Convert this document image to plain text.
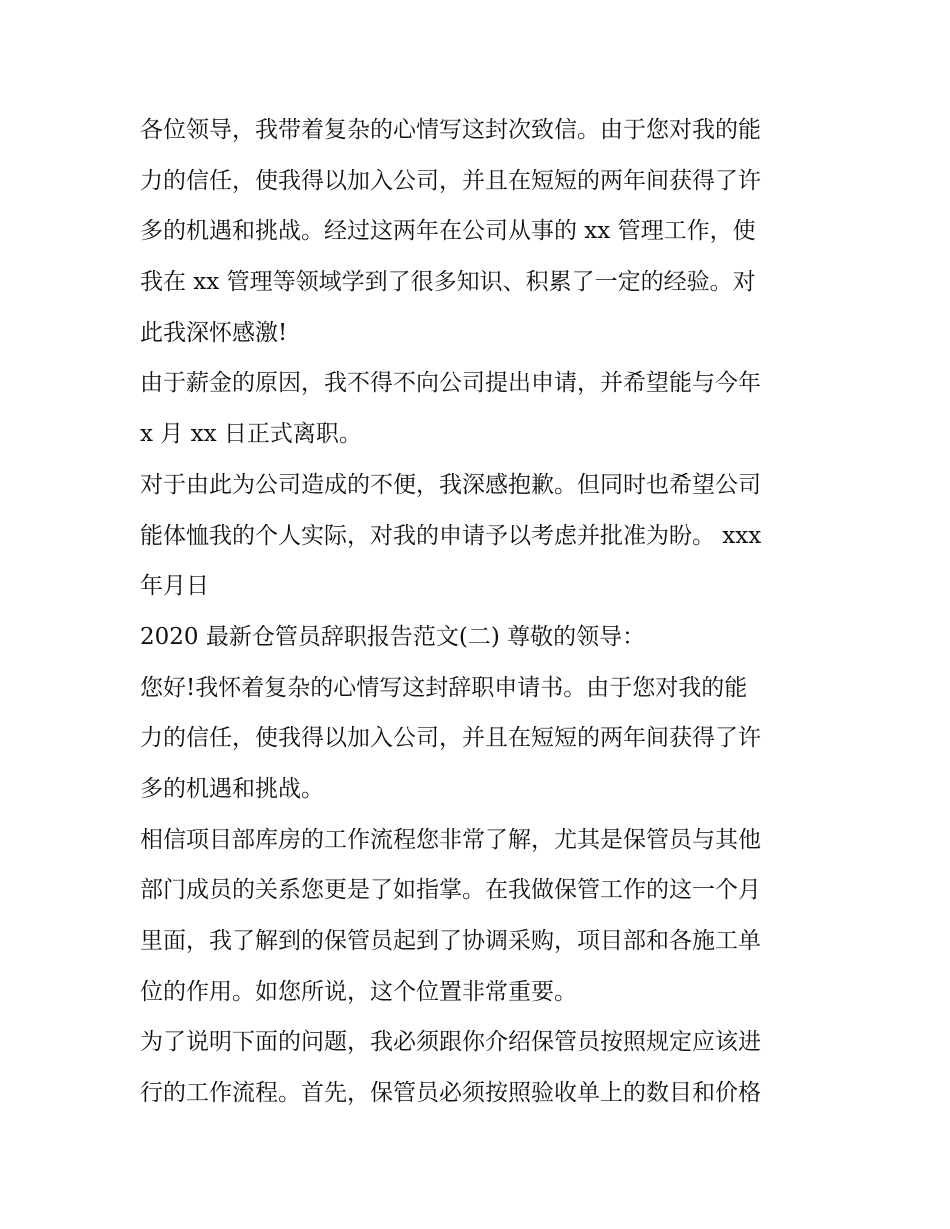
各位领导，我带着复杂的心情写这封次致信。由于您对我的能
力的信任，使我得以加入公司，并且在短短的两年间获得了许
多的机遇和挑战。经过这两年在公司从事的 xx 管理工作，使
我在 xx 管理等领域学到了很多知识、积累了一定的经验。对
此我深怀感激!
由于薪金的原因，我不得不向公司提出申请，并希望能与今年
x 月 xx 日正式离职。
对于由此为公司造成的不便，我深感抱歉。但同时也希望公司
能体恤我的个人实际，对我的申请予以考虑并批准为盼。 xxx
年月日
2020 最新仓管员辞职报告范文(二) 尊敬的领导：
您好!我怀着复杂的心情写这封辞职申请书。由于您对我的能
力的信任，使我得以加入公司，并且在短短的两年间获得了许
多的机遇和挑战。
相信项目部库房的工作流程您非常了解，尤其是保管员与其他
部门成员的关系您更是了如指掌。在我做保管工作的这一个月
里面，我了解到的保管员起到了协调采购，项目部和各施工单
位的作用。如您所说，这个位置非常重要。
为了说明下面的问题，我必须跟你介绍保管员按照规定应该进
行的工作流程。首先，保管员必须按照验收单上的数目和价格
